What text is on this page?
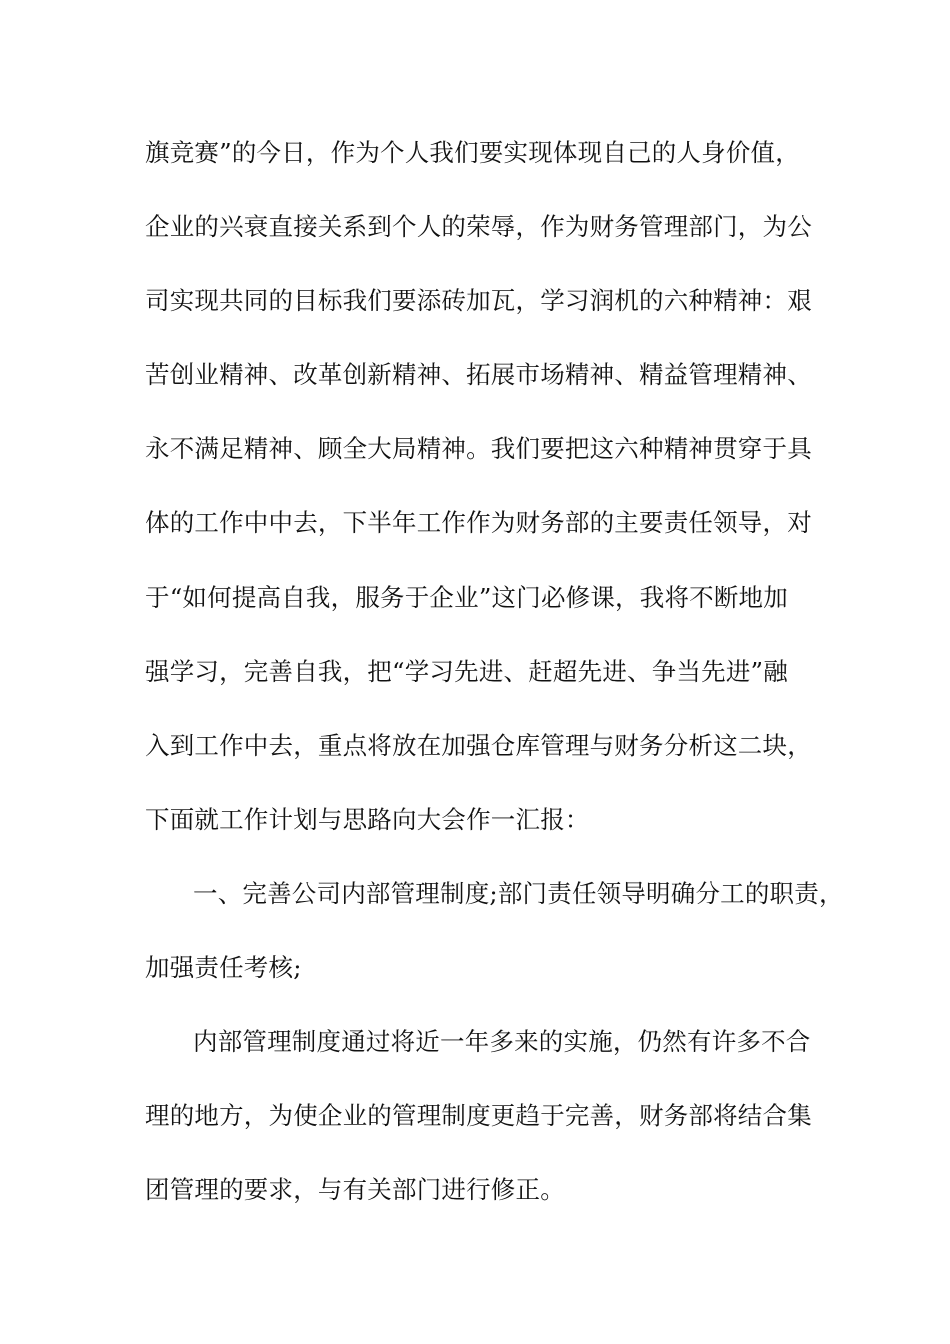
旗竞赛”的今日，作为个人我们要实现体现自己的人身价值，
企业的兴衰直接关系到个人的荣辱，作为财务管理部门，为公
司实现共同的目标我们要添砖加瓦，学习润机的六种精神：艰
苦创业精神、改革创新精神、拓展市场精神、精益管理精神、
永不满足精神、顾全大局精神。我们要把这六种精神贯穿于具
体的工作中中去，下半年工作作为财务部的主要责任领导，对
于“如何提高自我，服务于企业”这门必修课，我将不断地加
强学习，完善自我，把“学习先进、赶超先进、争当先进”融
入到工作中去，重点将放在加强仓库管理与财务分析这二块，
下面就工作计划与思路向大会作一汇报：
一、完善公司内部管理制度;部门责任领导明确分工的职责，
加强责任考核;
内部管理制度通过将近一年多来的实施，仍然有许多不合
理的地方，为使企业的管理制度更趋于完善，财务部将结合集
团管理的要求，与有关部门进行修正。
